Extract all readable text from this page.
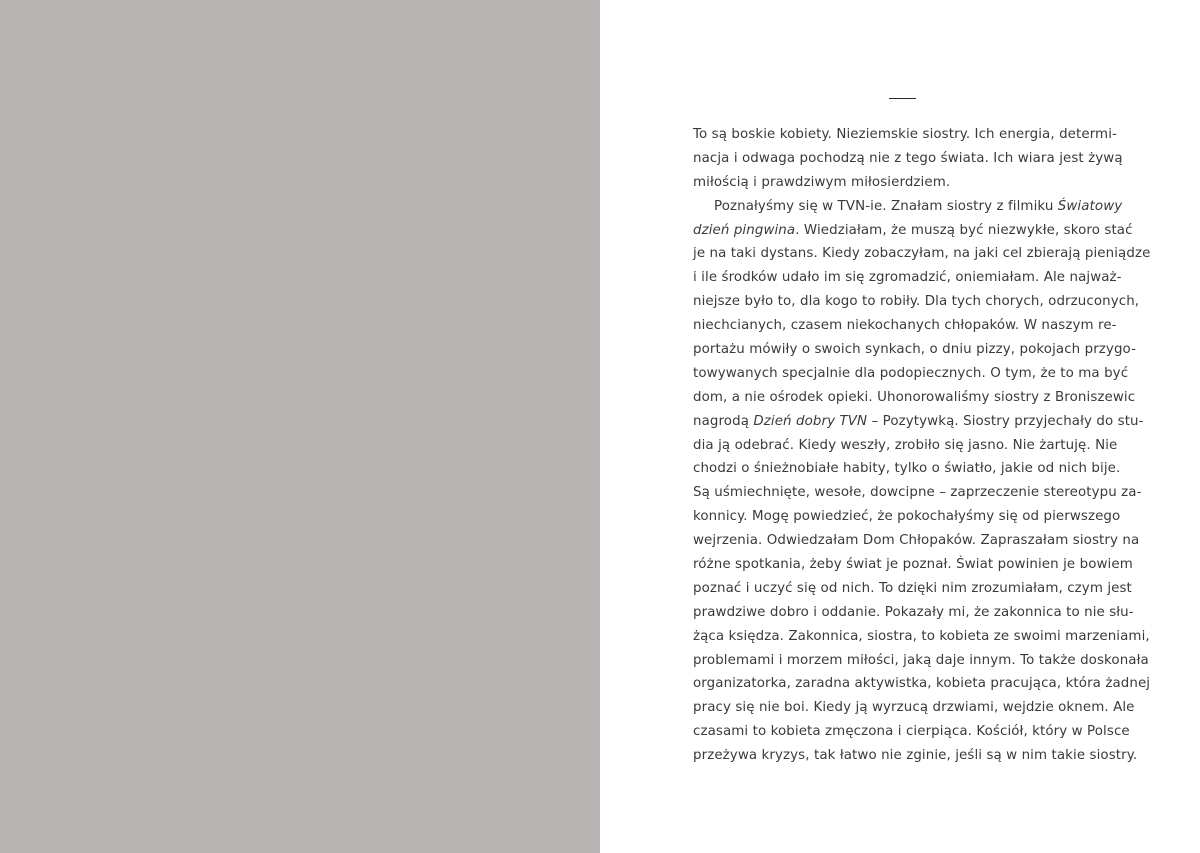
To są boskie kobiety. Nieziemskie siostry. Ich energia, determi-
nacja i odwaga pochodzą nie z tego świata. Ich wiara jest żywą
miłością i prawdziwym miłosierdziem.
Poznałyśmy się w TVN-ie. Znałam siostry z filmiku Światowy
dzień pingwina. Wiedziałam, że muszą być niezwykłe, skoro stać
je na taki dystans. Kiedy zobaczyłam, na jaki cel zbierają pieniądze
i ile środków udało im się zgromadzić, oniemiałam. Ale najważ-
niejsze było to, dla kogo to robiły. Dla tych chorych, odrzuconych,
niechcianych, czasem niekochanych chłopaków. W naszym re-
portażu mówiły o swoich synkach, o dniu pizzy, pokojach przygo-
towywanych specjalnie dla podopiecznych. O tym, że to ma być
dom, a nie ośrodek opieki. Uhonorowaliśmy siostry z Broniszewic
nagrodą Dzień dobry TVN – Pozytywką. Siostry przyjechały do stu-
dia ją odebrać. Kiedy weszły, zrobiło się jasno. Nie żartuję. Nie
chodzi o śnieżnobiałe habity, tylko o światło, jakie od nich bije.
Są uśmiechnięte, wesołe, dowcipne – zaprzeczenie stereotypu za-
konnicy. Mogę powiedzieć, że pokochałyśmy się od pierwszego
wejrzenia. Odwiedzałam Dom Chłopaków. Zapraszałam siostry na
różne spotkania, żeby świat je poznał. Świat powinien je bowiem
poznać i uczyć się od nich. To dzięki nim zrozumiałam, czym jest
prawdziwe dobro i oddanie. Pokazały mi, że zakonnica to nie słu-
żąca księdza. Zakonnica, siostra, to kobieta ze swoimi marzeniami,
problemami i morzem miłości, jaką daje innym. To także doskonała
organizatorka, zaradna aktywistka, kobieta pracująca, która żadnej
pracy się nie boi. Kiedy ją wyrzucą drzwiami, wejdzie oknem. Ale
czasami to kobieta zmęczona i cierpiąca. Kościół, który w Polsce
przeżywa kryzys, tak łatwo nie zginie, jeśli są w nim takie siostry.
